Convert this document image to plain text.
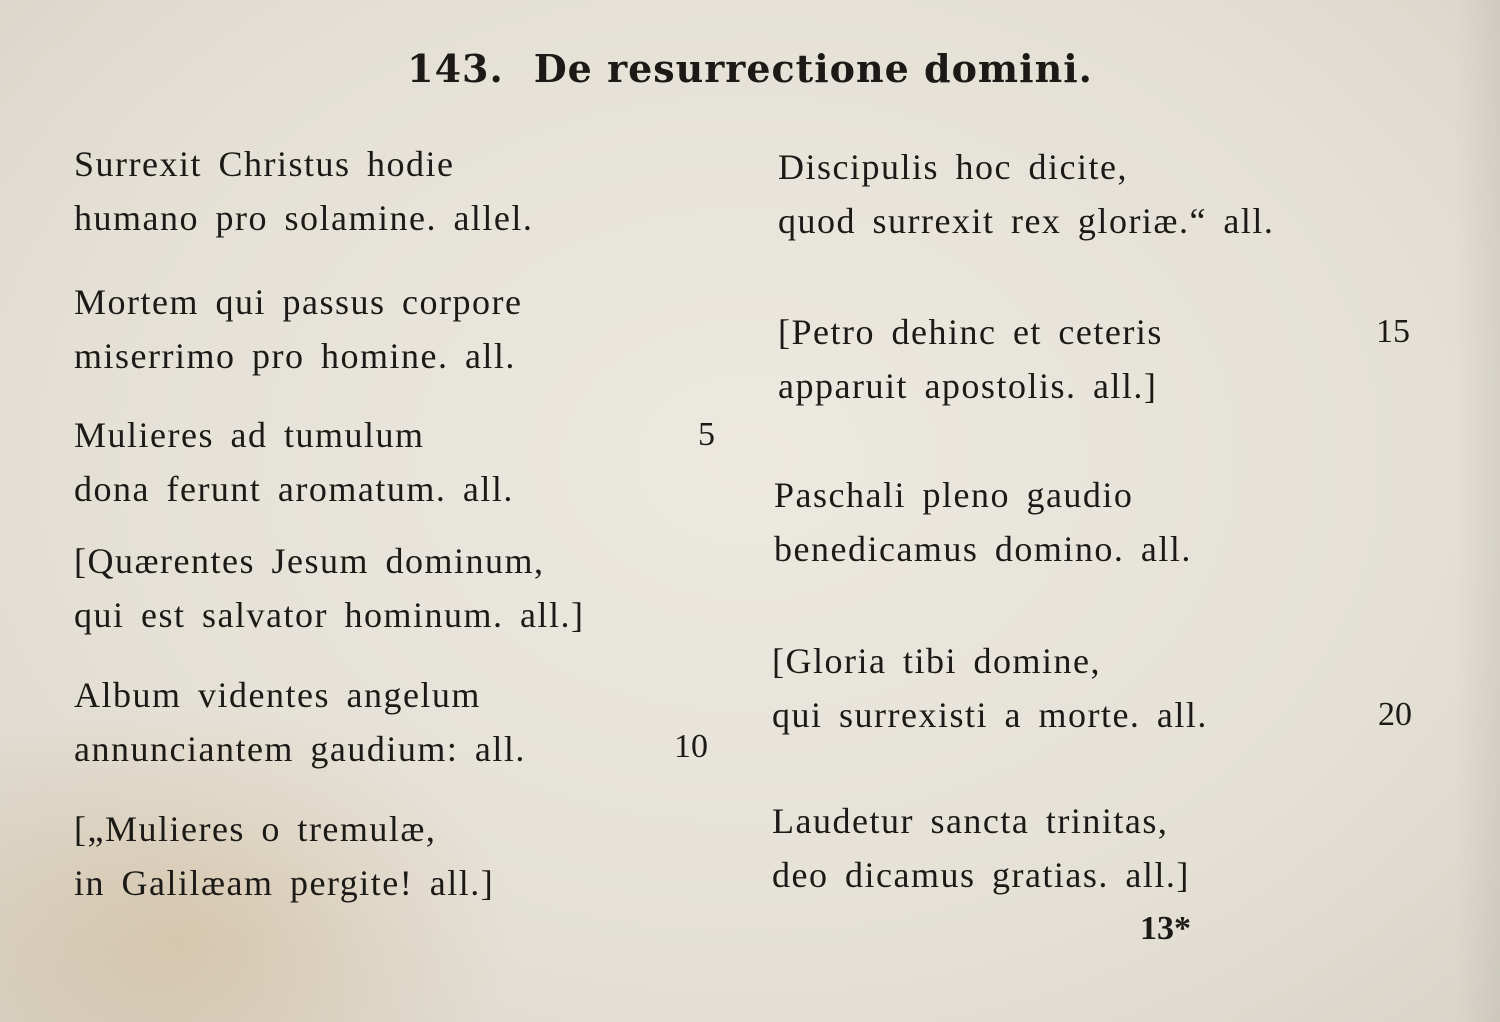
143. De resurrectione domini.
Surrexit Christus hodie
humano pro solamine. allel.
Mortem qui passus corpore
miserrimo pro homine. all.
Mulieres ad tumulum
dona ferunt aromatum. all.
[Quærentes Jesum dominum,
qui est salvator hominum. all.]
Album videntes angelum
annunciantem gaudium: all.
[„Mulieres o tremulæ,
in Galilæam pergite! all.]
Discipulis hoc dicite,
quod surrexit rex gloriæ.“ all.
[Petro dehinc et ceteris
apparuit apostolis. all.]
Paschali pleno gaudio
benedicamus domino. all.
[Gloria tibi domine,
qui surrexisti a morte. all.
Laudetur sancta trinitas,
deo dicamus gratias. all.]
5
10
15
20
13*
